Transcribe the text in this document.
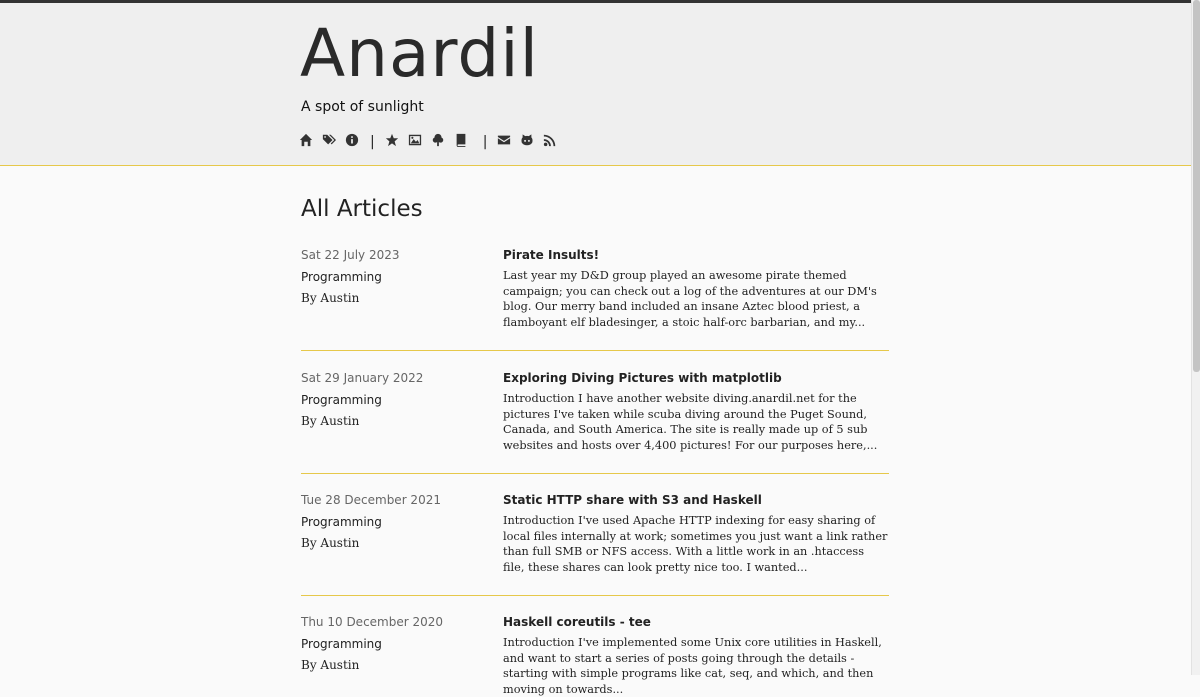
Anardil
A spot of sunlight
|	|
All Articles
Sat 22 July 2023
Programming
By Austin
Pirate Insults!

Last year my D&D group played an awesome pirate themed campaign; you can check out a log of the adventures at our DM's blog. Our merry band included an insane Aztec blood priest, a flamboyant elf bladesinger, a stoic half-orc barbarian, and my...

Sat 29 January 2022
Programming
By Austin
Exploring Diving Pictures with matplotlib

Introduction I have another website diving.anardil.net for the pictures I've taken while scuba diving around the Puget Sound, Canada, and South America. The site is really made up of 5 sub websites and hosts over 4,400 pictures! For our purposes here,...

Tue 28 December 2021
Programming
By Austin
Static HTTP share with S3 and Haskell

Introduction I've used Apache HTTP indexing for easy sharing of local files internally at work; sometimes you just want a link rather than full SMB or NFS access. With a little work in an .htaccess file, these shares can look pretty nice too. I wanted...

Thu 10 December 2020
Programming
By Austin
Haskell coreutils - tee

Introduction I've implemented some Unix core utilities in Haskell, and want to start a series of posts going through the details - starting with simple programs like cat, seq, and which, and then moving on towards...
